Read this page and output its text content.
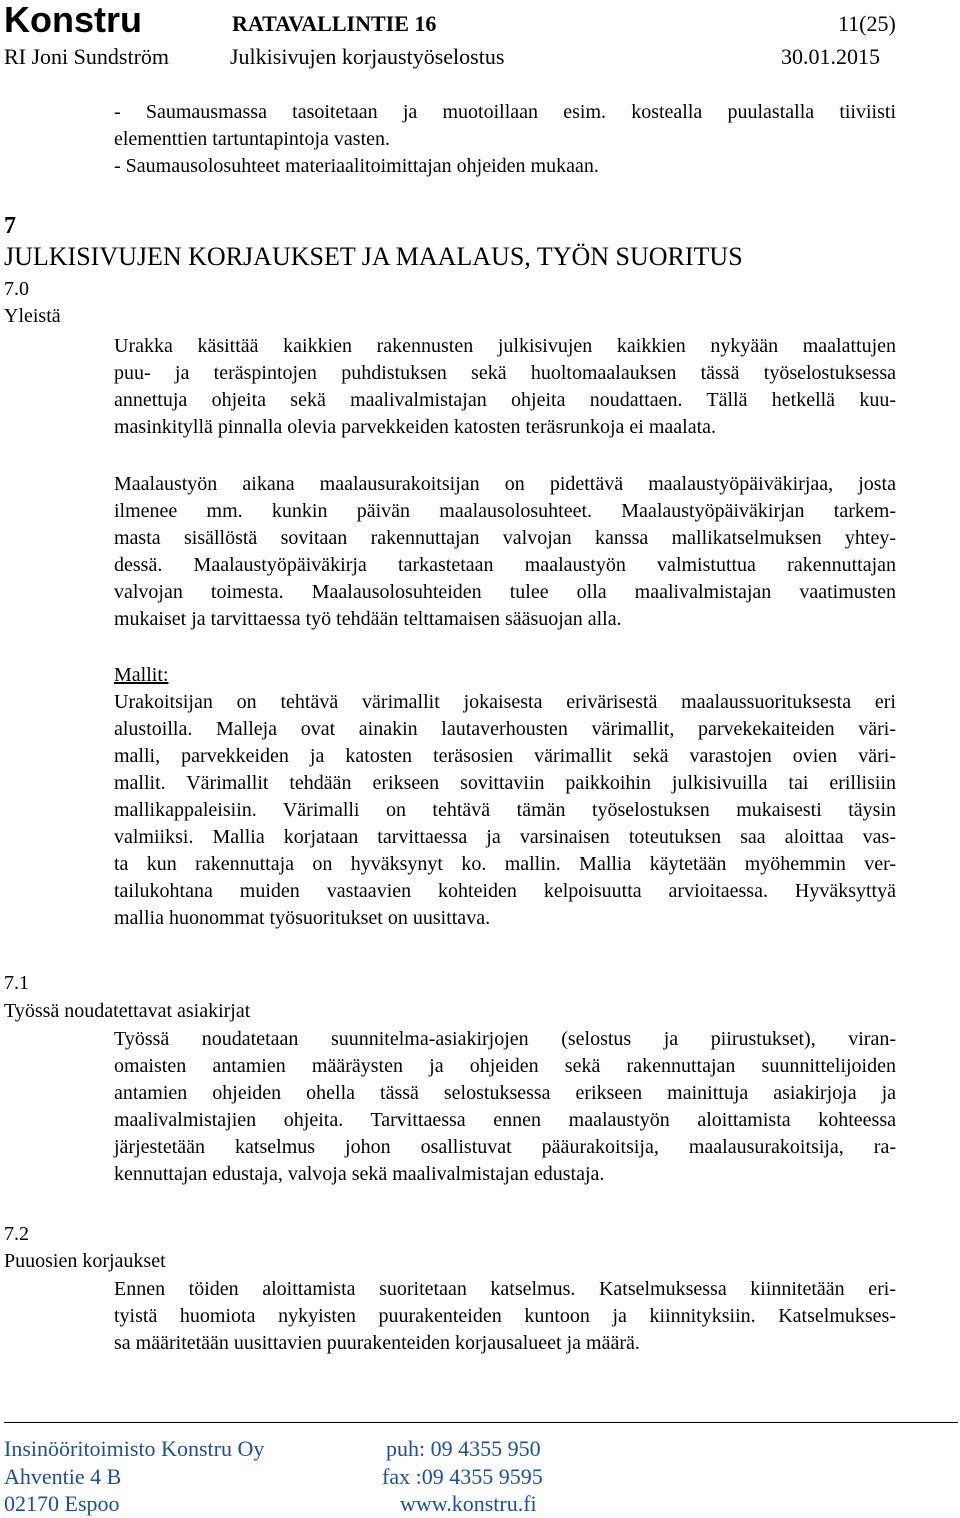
Konstru	RATAVALLINTIE 16	11(25)
RI Joni Sundström	Julkisivujen korjaustyöselostus	30.01.2015
- Saumausmassa tasoitetaan ja muotoillaan esim. kostealla puulastalla tiiviisti
elementtien tartuntapintoja vasten.
- Saumausolosuhteet materiaalitoimittajan ohjeiden mukaan.
7
JULKISIVUJEN KORJAUKSET JA MAALAUS, TYÖN SUORITUS
7.0
Yleistä
Urakka käsittää kaikkien rakennusten julkisivujen kaikkien nykyään maalattujen
puu- ja teräspintojen puhdistuksen sekä huoltomaalauksen tässä työselostuksessa
annettuja ohjeita sekä maalivalmistajan ohjeita noudattaen. Tällä hetkellä kuu-
masinkityllä pinnalla olevia parvekkeiden katosten teräsrunkoja ei maalata.
Maalaustyön aikana maalausurakoitsijan on pidettävä maalaustyöpäiväkirjaa, josta
ilmenee mm. kunkin päivän maalausolosuhteet. Maalaustyöpäiväkirjan tarkem-
masta sisällöstä sovitaan rakennuttajan valvojan kanssa mallikatselmuksen yhtey-
dessä. Maalaustyöpäiväkirja tarkastetaan maalaustyön valmistuttua rakennuttajan
valvojan toimesta. Maalausolosuhteiden tulee olla maalivalmistajan vaatimusten
mukaiset ja tarvittaessa työ tehdään telttamaisen sääsuojan alla.
Mallit:
Urakoitsijan on tehtävä värimallit jokaisesta erivärisestä maalaussuorituksesta eri
alustoilla. Malleja ovat ainakin lautaverhousten värimallit, parvekekaiteiden väri-
malli, parvekkeiden ja katosten teräsosien värimallit sekä varastojen ovien väri-
mallit. Värimallit tehdään erikseen sovittaviin paikkoihin julkisivuilla tai erillisiin
mallikappaleisiin. Värimalli on tehtävä tämän työselostuksen mukaisesti täysin
valmiiksi. Mallia korjataan tarvittaessa ja varsinaisen toteutuksen saa aloittaa vas-
ta kun rakennuttaja on hyväksynyt ko. mallin. Mallia käytetään myöhemmin ver-
tailukohtana muiden vastaavien kohteiden kelpoisuutta arvioitaessa. Hyväksyttyä
mallia huonommat työsuoritukset on uusittava.
7.1
Työssä noudatettavat asiakirjat
Työssä noudatetaan suunnitelma-asiakirjojen (selostus ja piirustukset), viran-
omaisten antamien määräysten ja ohjeiden sekä rakennuttajan suunnittelijoiden
antamien ohjeiden ohella tässä selostuksessa erikseen mainittuja asiakirjoja ja
maalivalmistajien ohjeita. Tarvittaessa ennen maalaustyön aloittamista kohteessa
järjestetään katselmus johon osallistuvat pääurakoitsija, maalausurakoitsija, ra-
kennuttajan edustaja, valvoja sekä maalivalmistajan edustaja.
7.2
Puuosien korjaukset
Ennen töiden aloittamista suoritetaan katselmus. Katselmuksessa kiinnitetään eri-
tyistä huomiota nykyisten puurakenteiden kuntoon ja kiinnityksiin. Katselmukses-
sa määritetään uusittavien puurakenteiden korjausalueet ja määrä.
Insinööritoimisto Konstru Oy
Ahventie 4 B
02170 Espoo
puh: 09 4355 950
fax :09 4355 9595
www.konstru.fi
